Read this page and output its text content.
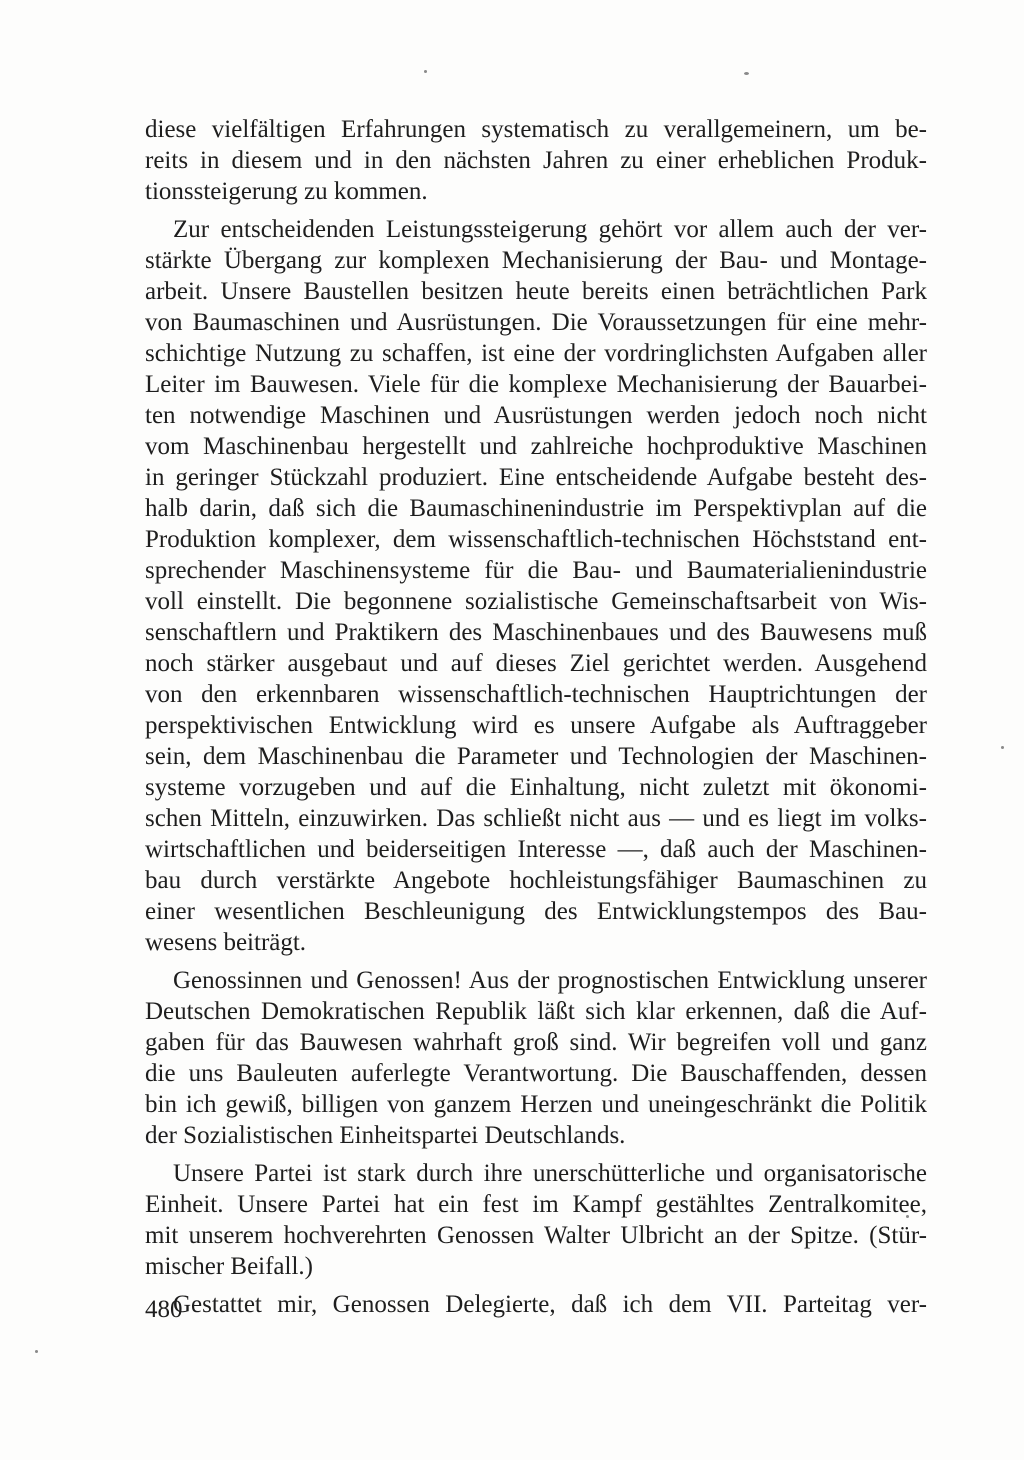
diese vielfältigen Erfahrungen systematisch zu verallgemeinern, um be-
reits in diesem und in den nächsten Jahren zu einer erheblichen Produk-
tionssteigerung zu kommen.

Zur entscheidenden Leistungssteigerung gehört vor allem auch der ver-
stärkte Übergang zur komplexen Mechanisierung der Bau- und Montage-
arbeit. Unsere Baustellen besitzen heute bereits einen beträchtlichen Park
von Baumaschinen und Ausrüstungen. Die Voraussetzungen für eine mehr-
schichtige Nutzung zu schaffen, ist eine der vordringlichsten Aufgaben aller
Leiter im Bauwesen. Viele für die komplexe Mechanisierung der Bauarbei-
ten notwendige Maschinen und Ausrüstungen werden jedoch noch nicht
vom Maschinenbau hergestellt und zahlreiche hochproduktive Maschinen
in geringer Stückzahl produziert. Eine entscheidende Aufgabe besteht des-
halb darin, daß sich die Baumaschinenindustrie im Perspektivplan auf die
Produktion komplexer, dem wissenschaftlich-technischen Höchststand ent-
sprechender Maschinensysteme für die Bau- und Baumaterialienindustrie
voll einstellt. Die begonnene sozialistische Gemeinschaftsarbeit von Wis-
senschaftlern und Praktikern des Maschinenbaues und des Bauwesens muß
noch stärker ausgebaut und auf dieses Ziel gerichtet werden. Ausgehend
von den erkennbaren wissenschaftlich-technischen Hauptrichtungen der
perspektivischen Entwicklung wird es unsere Aufgabe als Auftraggeber
sein, dem Maschinenbau die Parameter und Technologien der Maschinen-
systeme vorzugeben und auf die Einhaltung, nicht zuletzt mit ökonomi-
schen Mitteln, einzuwirken. Das schließt nicht aus — und es liegt im volks-
wirtschaftlichen und beiderseitigen Interesse —, daß auch der Maschinen-
bau durch verstärkte Angebote hochleistungsfähiger Baumaschinen zu
einer wesentlichen Beschleunigung des Entwicklungstempos des Bau-
wesens beiträgt.

Genossinnen und Genossen! Aus der prognostischen Entwicklung unserer
Deutschen Demokratischen Republik läßt sich klar erkennen, daß die Auf-
gaben für das Bauwesen wahrhaft groß sind. Wir begreifen voll und ganz
die uns Bauleuten auferlegte Verantwortung. Die Bauschaffenden, dessen
bin ich gewiß, billigen von ganzem Herzen und uneingeschränkt die Politik
der Sozialistischen Einheitspartei Deutschlands.

Unsere Partei ist stark durch ihre unerschütterliche und organisatorische
Einheit. Unsere Partei hat ein fest im Kampf gestähltes Zentralkomitee,
mit unserem hochverehrten Genossen Walter Ulbricht an der Spitze. (Stür-
mischer Beifall.)

Gestattet mir, Genossen Delegierte, daß ich dem VII. Parteitag ver-

480
